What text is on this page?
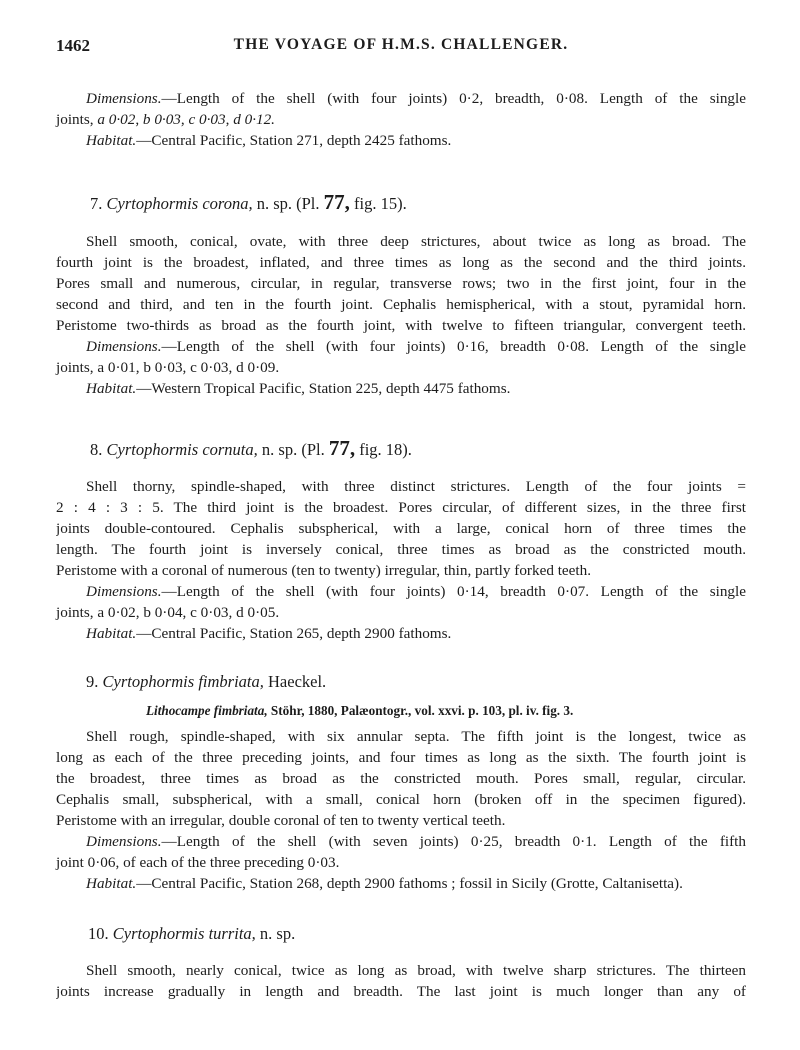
1462	THE VOYAGE OF H.M.S. CHALLENGER.
Dimensions.—Length of the shell (with four joints) 0·2, breadth, 0·08. Length of the single
joints, a 0·02, b 0·03, c 0·03, d 0·12.
Habitat.—Central Pacific, Station 271, depth 2425 fathoms.
7. Cyrtophormis corona, n. sp. (Pl. 77, fig. 15).
Shell smooth, conical, ovate, with three deep strictures, about twice as long as broad. The
fourth joint is the broadest, inflated, and three times as long as the second and the third joints.
Pores small and numerous, circular, in regular, transverse rows; two in the first joint, four in the
second and third, and ten in the fourth joint. Cephalis hemispherical, with a stout, pyramidal horn.
Peristome two-thirds as broad as the fourth joint, with twelve to fifteen triangular, convergent teeth.
Dimensions.—Length of the shell (with four joints) 0·16, breadth 0·08. Length of the single
joints, a 0·01, b 0·03, c 0·03, d 0·09.
Habitat.—Western Tropical Pacific, Station 225, depth 4475 fathoms.
8. Cyrtophormis cornuta, n. sp. (Pl. 77, fig. 18).
Shell thorny, spindle-shaped, with three distinct strictures. Length of the four joints =
2 : 4 : 3 : 5. The third joint is the broadest. Pores circular, of different sizes, in the three first
joints double-contoured. Cephalis subspherical, with a large, conical horn of three times the
length. The fourth joint is inversely conical, three times as broad as the constricted mouth.
Peristome with a coronal of numerous (ten to twenty) irregular, thin, partly forked teeth.
Dimensions.—Length of the shell (with four joints) 0·14, breadth 0·07. Length of the single
joints, a 0·02, b 0·04, c 0·03, d 0·05.
Habitat.—Central Pacific, Station 265, depth 2900 fathoms.
9. Cyrtophormis fimbriata, Haeckel.
Lithocampe fimbriata, Stöhr, 1880, Palæontogr., vol. xxvi. p. 103, pl. iv. fig. 3.
Shell rough, spindle-shaped, with six annular septa. The fifth joint is the longest, twice as
long as each of the three preceding joints, and four times as long as the sixth. The fourth joint is
the broadest, three times as broad as the constricted mouth. Pores small, regular, circular.
Cephalis small, subspherical, with a small, conical horn (broken off in the specimen figured).
Peristome with an irregular, double coronal of ten to twenty vertical teeth.
Dimensions.—Length of the shell (with seven joints) 0·25, breadth 0·1. Length of the fifth
joint 0·06, of each of the three preceding 0·03.
Habitat.—Central Pacific, Station 268, depth 2900 fathoms ; fossil in Sicily (Grotte, Caltanisetta).
10. Cyrtophormis turrita, n. sp.
Shell smooth, nearly conical, twice as long as broad, with twelve sharp strictures. The thirteen
joints increase gradually in length and breadth. The last joint is much longer than any of
